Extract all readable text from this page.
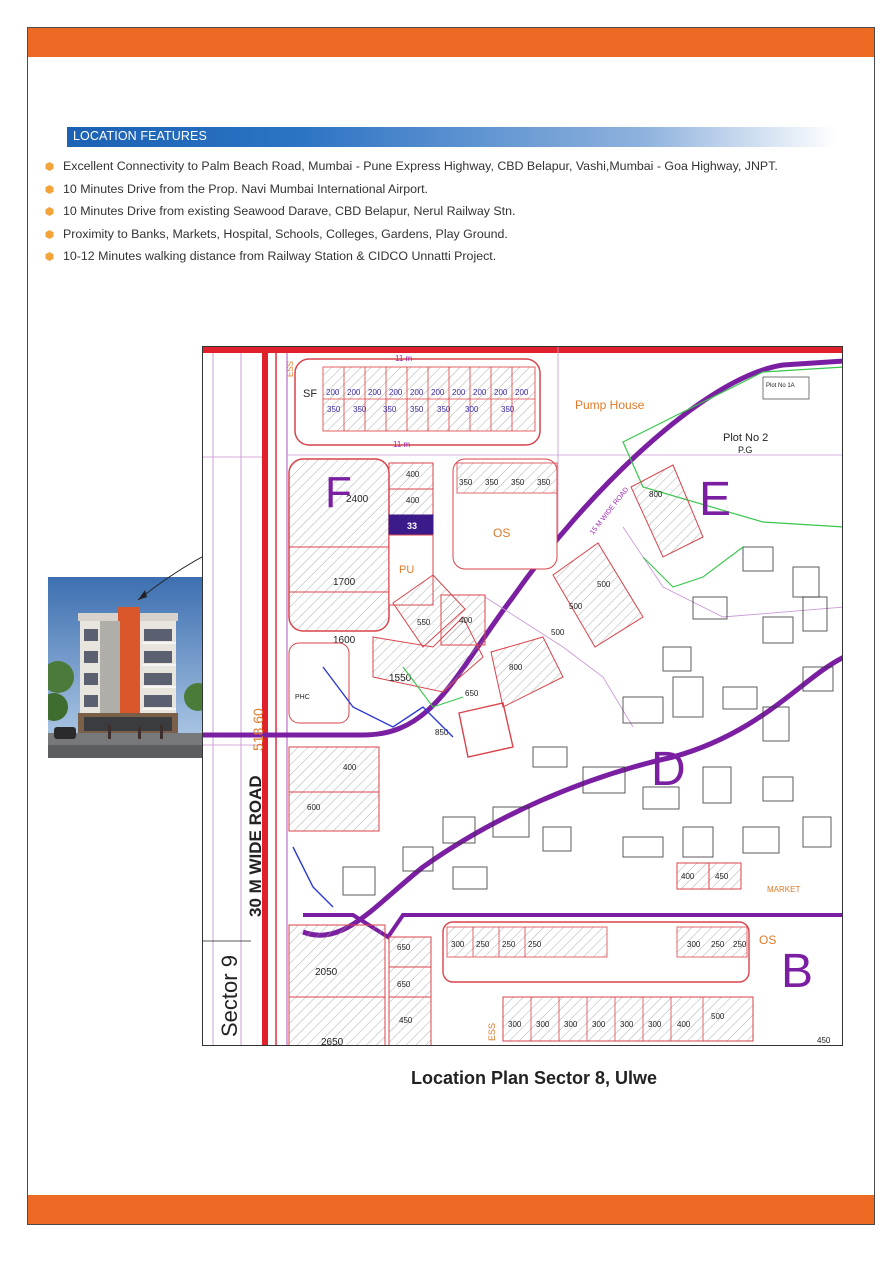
LOCATION FEATURES
Excellent Connectivity to Palm Beach Road, Mumbai - Pune Express Highway, CBD Belapur, Vashi,Mumbai - Goa Highway, JNPT.
10 Minutes Drive from the Prop. Navi Mumbai International Airport.
10 Minutes Drive from existing Seawood Darave, CBD Belapur, Nerul Railway Stn.
Proximity to Banks, Markets, Hospital, Schools, Colleges, Gardens, Play Ground.
10-12 Minutes walking distance from Railway Station & CIDCO Unnatti Project.
SF
ESS
200 200 200 200 200 200 200 200 200 200
350 350 350 350 350 300	350
11 m
11 m
F
2400
400
400
33
PU
1700
1600
550
1550
400
350 350 350 350
OS
Pump House
Plot No 2
P.G
Plot No 1A
E
800
15 M WIDE ROAD
500
500
500
800
650
850
PHC
400
600
D
400	450
MARKET
2050
2650
650
650
450
300 250 250 250	300 250 250
B
OS
300 300 300 300 300 300 400
500
ESS	450
30 M WIDE ROAD
518.60
Sector 9
Location Plan Sector 8, Ulwe
